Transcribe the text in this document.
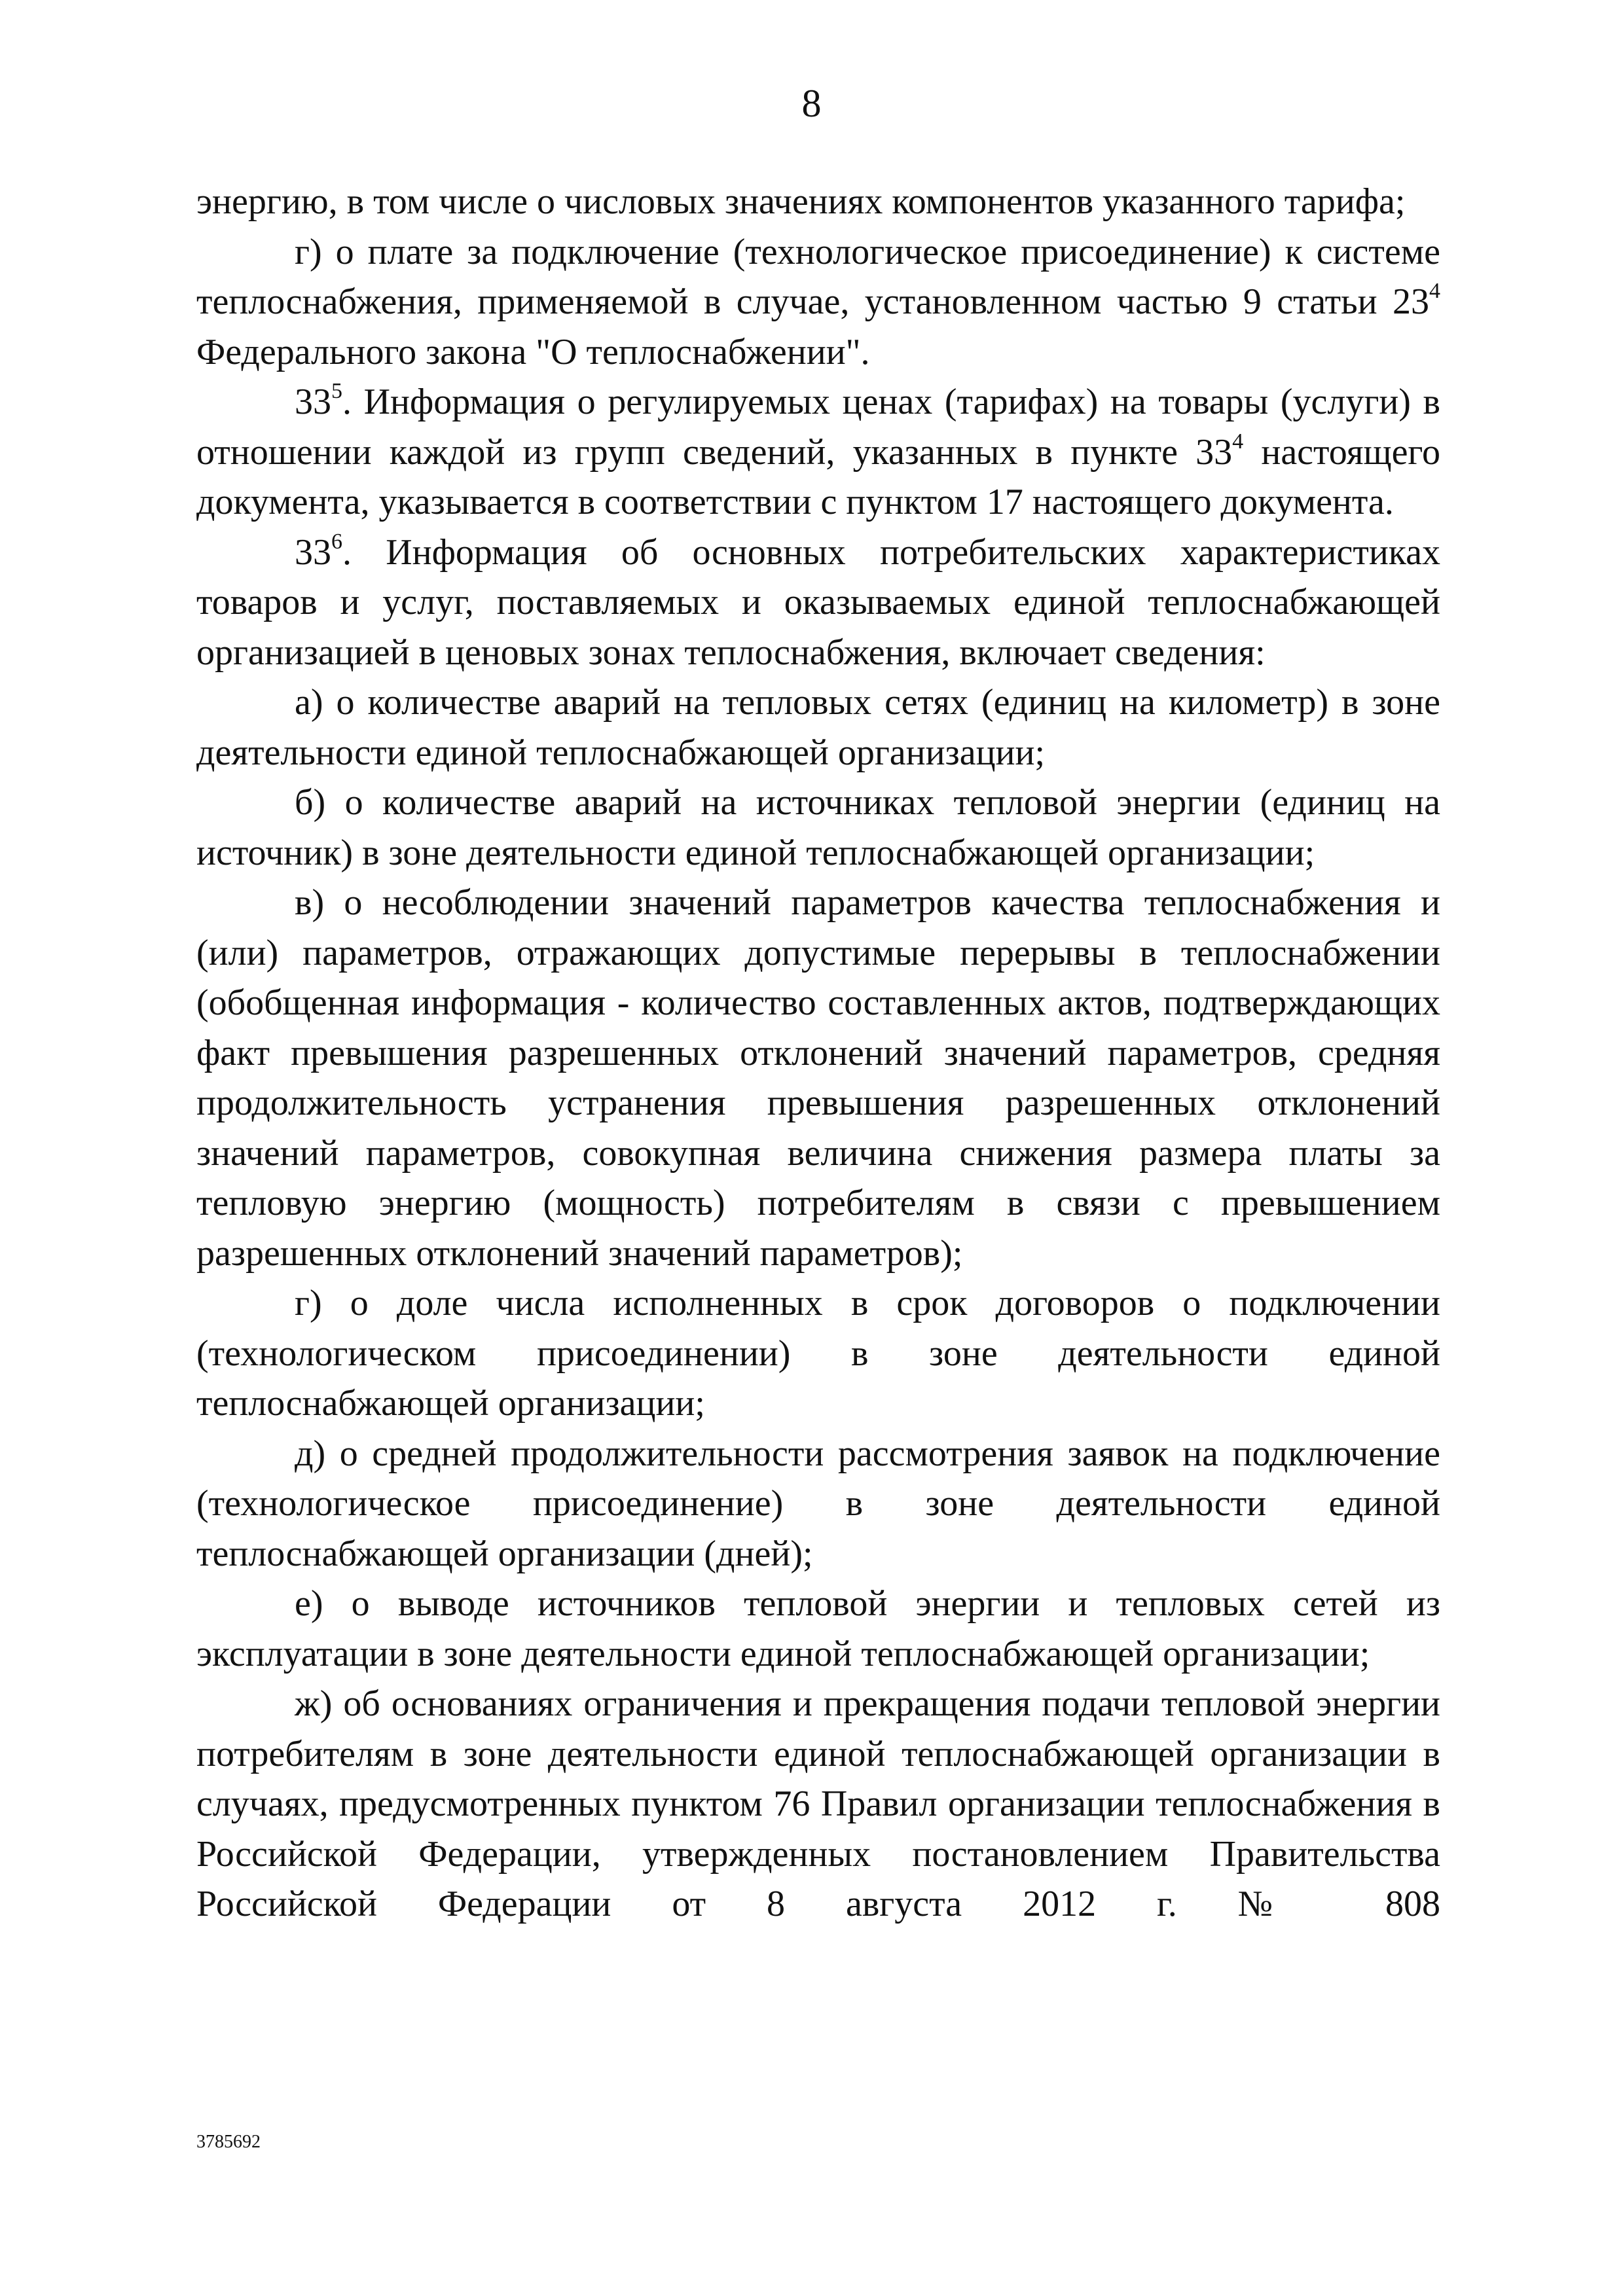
8

энергию, в том числе о числовых значениях компонентов указанного тарифа;

г) о плате за подключение (технологическое присоединение) к системе теплоснабжения, применяемой в случае, установленном частью 9 статьи $23^4$ Федерального закона "О теплоснабжении".

$33^5$. Информация о регулируемых ценах (тарифах) на товары (услуги) в отношении каждой из групп сведений, указанных в пункте $33^4$ настоящего документа, указывается в соответствии с пунктом 17 настоящего документа.

$33^6$. Информация об основных потребительских характеристиках товаров и услуг, поставляемых и оказываемых единой теплоснабжающей организацией в ценовых зонах теплоснабжения, включает сведения:

а) о количестве аварий на тепловых сетях (единиц на километр) в зоне деятельности единой теплоснабжающей организации;

б) о количестве аварий на источниках тепловой энергии (единиц на источник) в зоне деятельности единой теплоснабжающей организации;

в) о несоблюдении значений параметров качества теплоснабжения и (или) параметров, отражающих допустимые перерывы в теплоснабжении (обобщенная информация - количество составленных актов, подтверждающих факт превышения разрешенных отклонений значений параметров, средняя продолжительность устранения превышения разрешенных отклонений значений параметров, совокупная величина снижения размера платы за тепловую энергию (мощность) потребителям в связи с превышением разрешенных отклонений значений параметров);

г) о доле числа исполненных в срок договоров о подключении (технологическом присоединении) в зоне деятельности единой теплоснабжающей организации;

д) о средней продолжительности рассмотрения заявок на подключение (технологическое присоединение) в зоне деятельности единой теплоснабжающей организации (дней);

е) о выводе источников тепловой энергии и тепловых сетей из эксплуатации в зоне деятельности единой теплоснабжающей организации;

ж) об основаниях ограничения и прекращения подачи тепловой энергии потребителям в зоне деятельности единой теплоснабжающей организации в случаях, предусмотренных пунктом 76 Правил организации теплоснабжения в Российской Федерации, утвержденных постановлением Правительства Российской Федерации от 8 августа 2012 г. № 808

3785692
